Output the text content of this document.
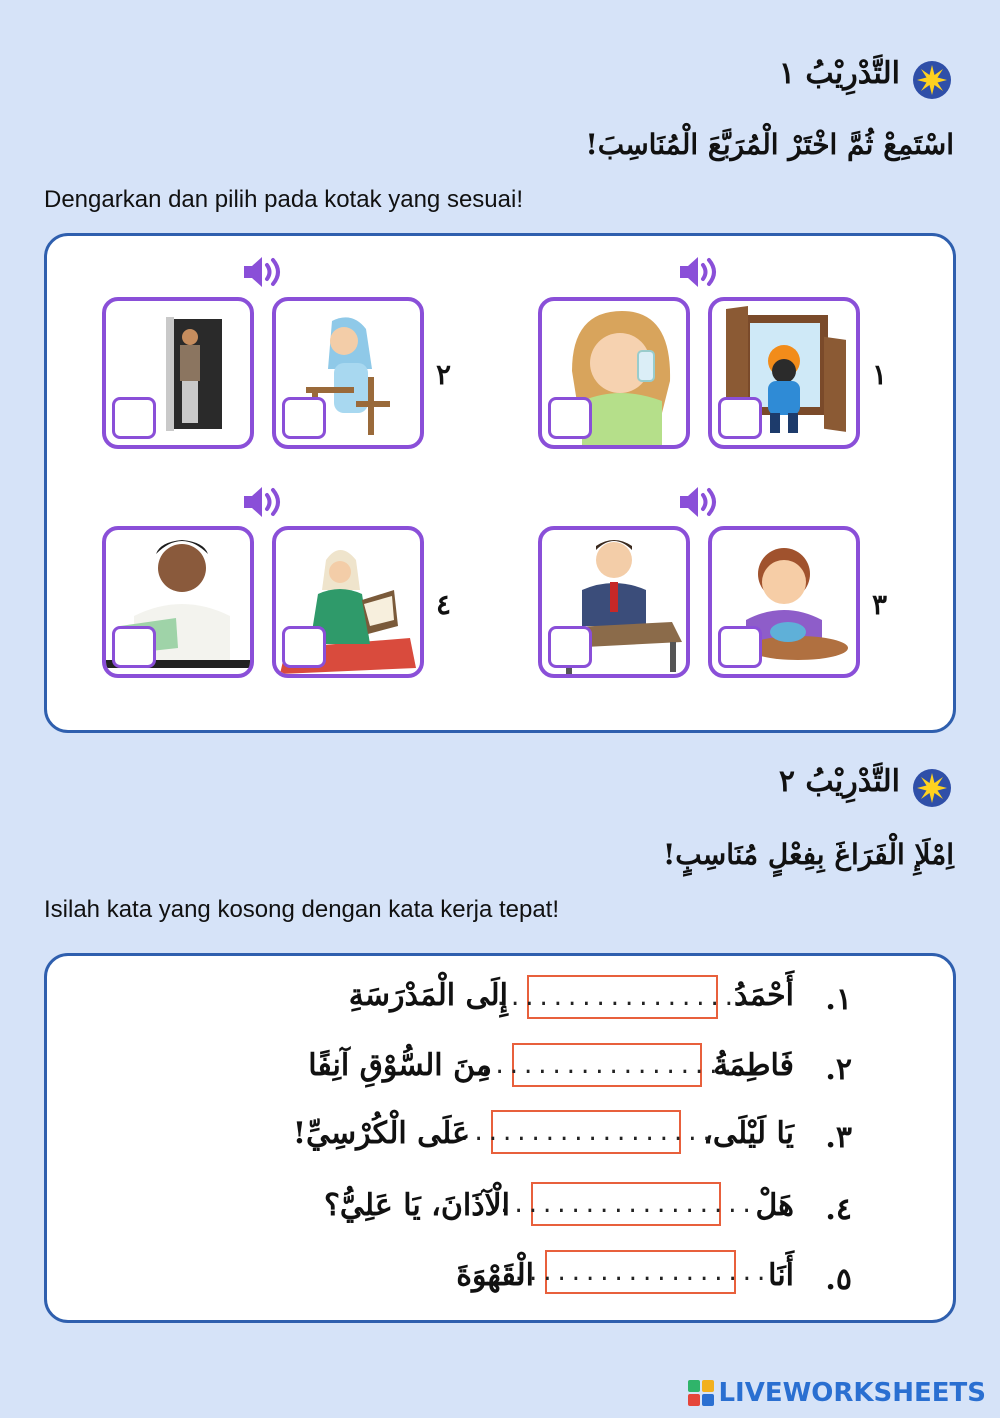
التَّدْرِيْبُ ١
اسْتَمِعْ ثُمَّ اخْتَرْ الْمُرَبَّعَ الْمُنَاسِبَ!
Dengarkan dan pilih pada kotak yang sesuai!
١
٢
٣
٤
التَّدْرِيْبُ ٢
اِمْلَإِ الْفَرَاغَ بِفِعْلٍ مُنَاسِبٍ!
Isilah kata yang kosong dengan kata kerja tepat!
١.
أَحْمَدُ
..................
إِلَى الْمَدْرَسَةِ
٢.
فَاطِمَةُ
..................
مِنَ السُّوْقِ آنِفًا
٣.
يَا لَيْلَى،
..................
عَلَى الْكُرْسِيِّ!
٤.
هَلْ
..................
الْآذَانَ، يَا عَلِيُّ؟
٥.
أَنَا
..................
الْقَهْوَةَ
LIVEWORKSHEETS
